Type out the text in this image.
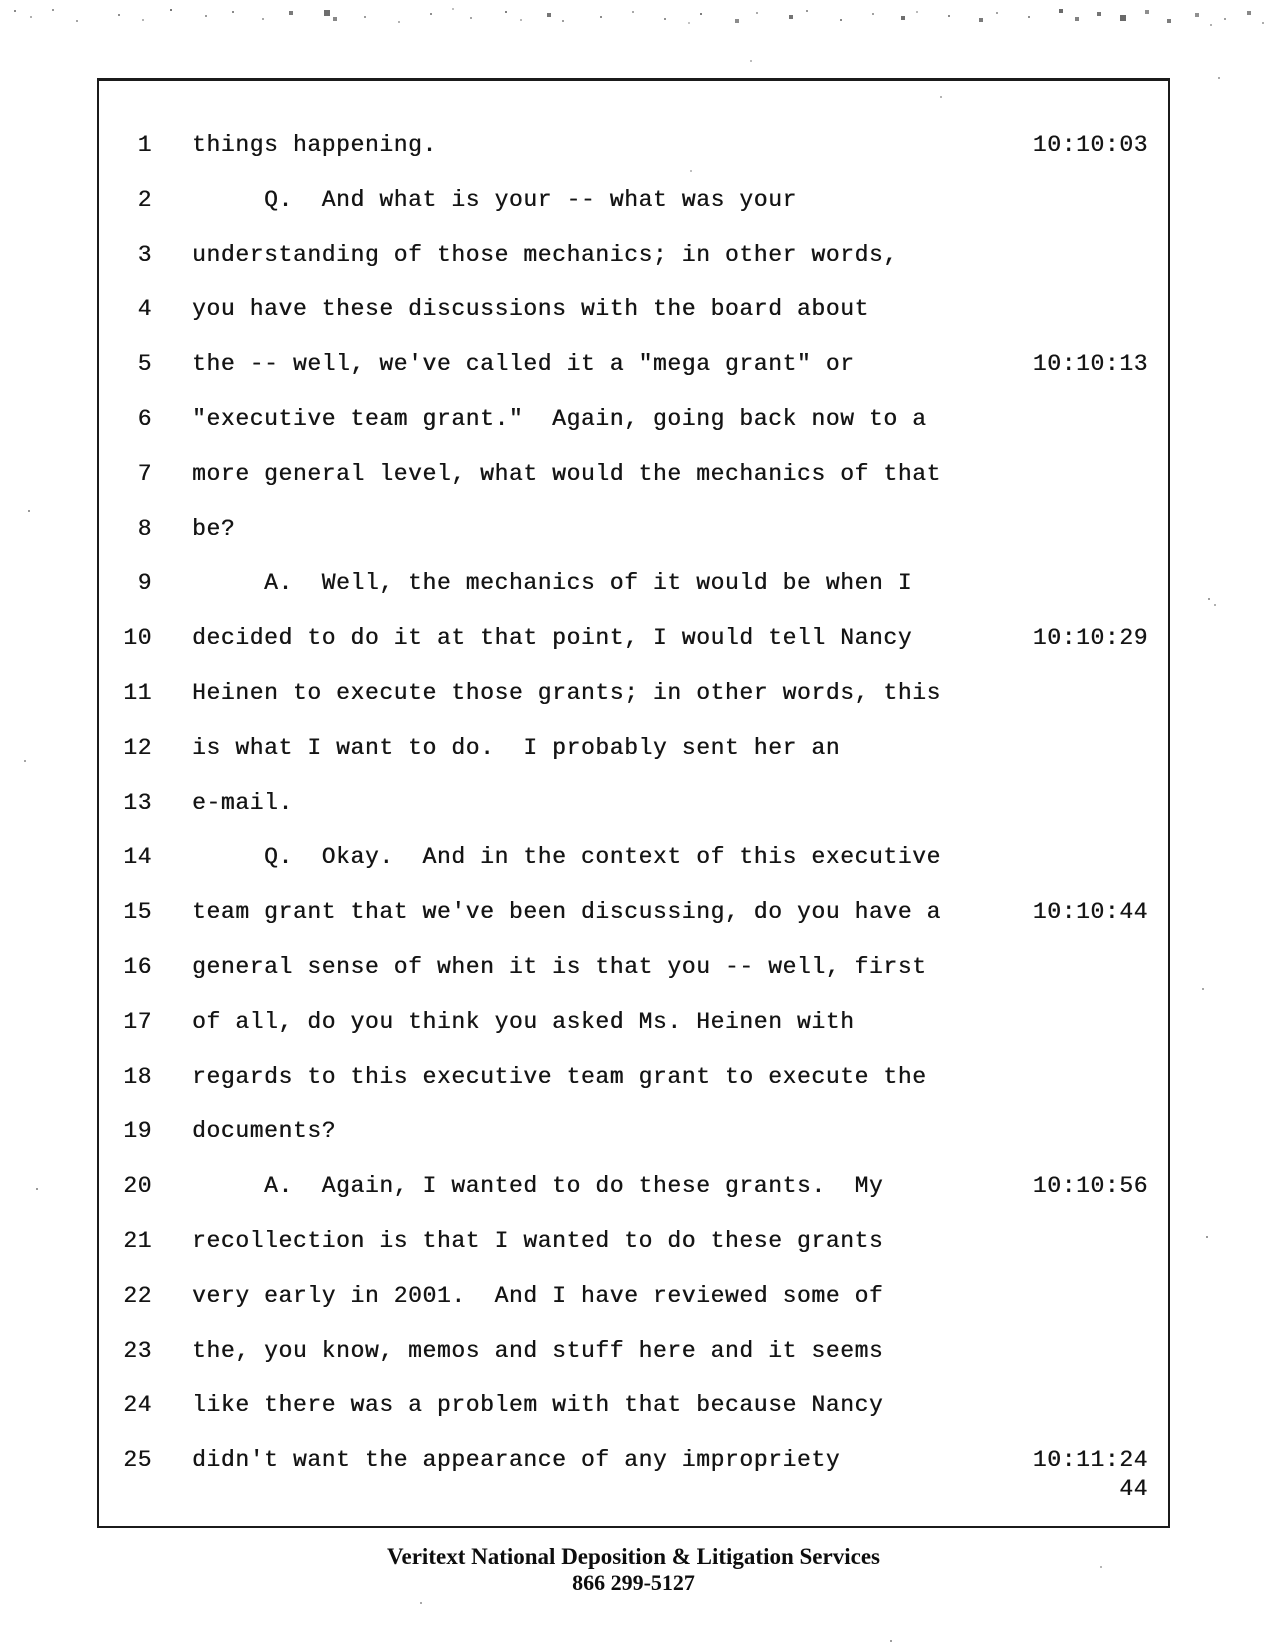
1 things happening.	10:10:03
2 Q.  And what is your -- what was your
3 understanding of those mechanics; in other words,
4 you have these discussions with the board about
5 the -- well, we've called it a "mega grant" or	10:10:13
6 "executive team grant."  Again, going back now to a
7 more general level, what would the mechanics of that
8 be?
9 A.  Well, the mechanics of it would be when I
10 decided to do it at that point, I would tell Nancy	10:10:29
11 Heinen to execute those grants; in other words, this
12 is what I want to do.  I probably sent her an
13 e-mail.
14 Q.  Okay.  And in the context of this executive
15 team grant that we've been discussing, do you have a	10:10:44
16 general sense of when it is that you -- well, first
17 of all, do you think you asked Ms. Heinen with
18 regards to this executive team grant to execute the
19 documents?
20 A.  Again, I wanted to do these grants.  My	10:10:56
21 recollection is that I wanted to do these grants
22 very early in 2001.  And I have reviewed some of
23 the, you know, memos and stuff here and it seems
24 like there was a problem with that because Nancy
25 didn't want the appearance of any impropriety	10:11:24
44
Veritext National Deposition & Litigation Services
866 299-5127
